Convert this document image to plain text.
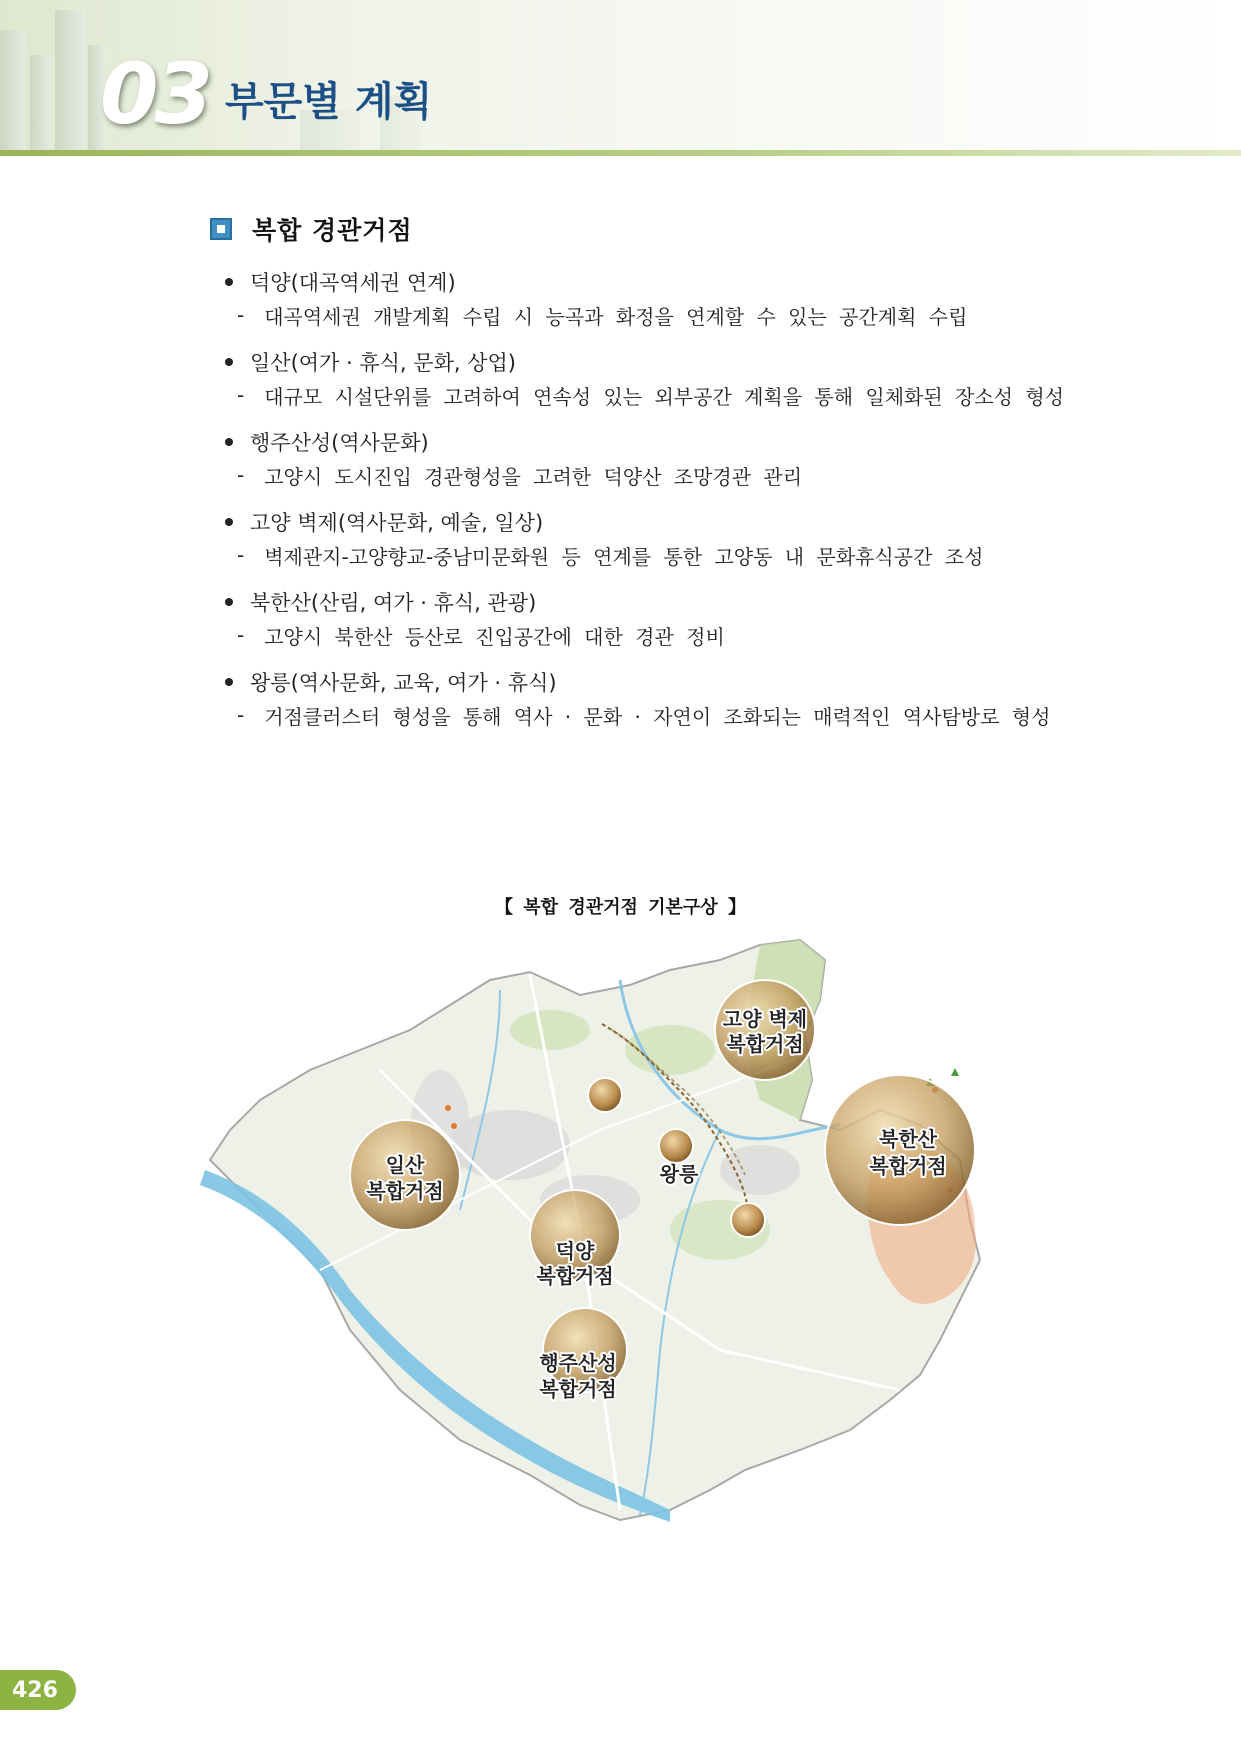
03 부문별 계획
복합 경관거점
덕양(대곡역세권 연계)
- 대곡역세권 개발계획 수립 시 능곡과 화정을 연계할 수 있는 공간계획 수립
일산(여가 · 휴식, 문화, 상업)
- 대규모 시설단위를 고려하여 연속성 있는 외부공간 계획을 통해 일체화된 장소성 형성
행주산성(역사문화)
- 고양시 도시진입 경관형성을 고려한 덕양산 조망경관 관리
고양 벽제(역사문화, 예술, 일상)
- 벽제관지-고양향교-중남미문화원 등 연계를 통한 고양동 내 문화휴식공간 조성
북한산(산림, 여가 · 휴식, 관광)
- 고양시 북한산 등산로 진입공간에 대한 경관 정비
왕릉(역사문화, 교육, 여가 · 휴식)
- 거점클러스터 형성을 통해 역사 · 문화 · 자연이 조화되는 매력적인 역사탐방로 형성
【 복합 경관거점 기본구상 】
고양 벽제
복합거점
북한산
복합거점
일산
복합거점
왕릉
덕양
복합거점
행주산성
복합거점
426
